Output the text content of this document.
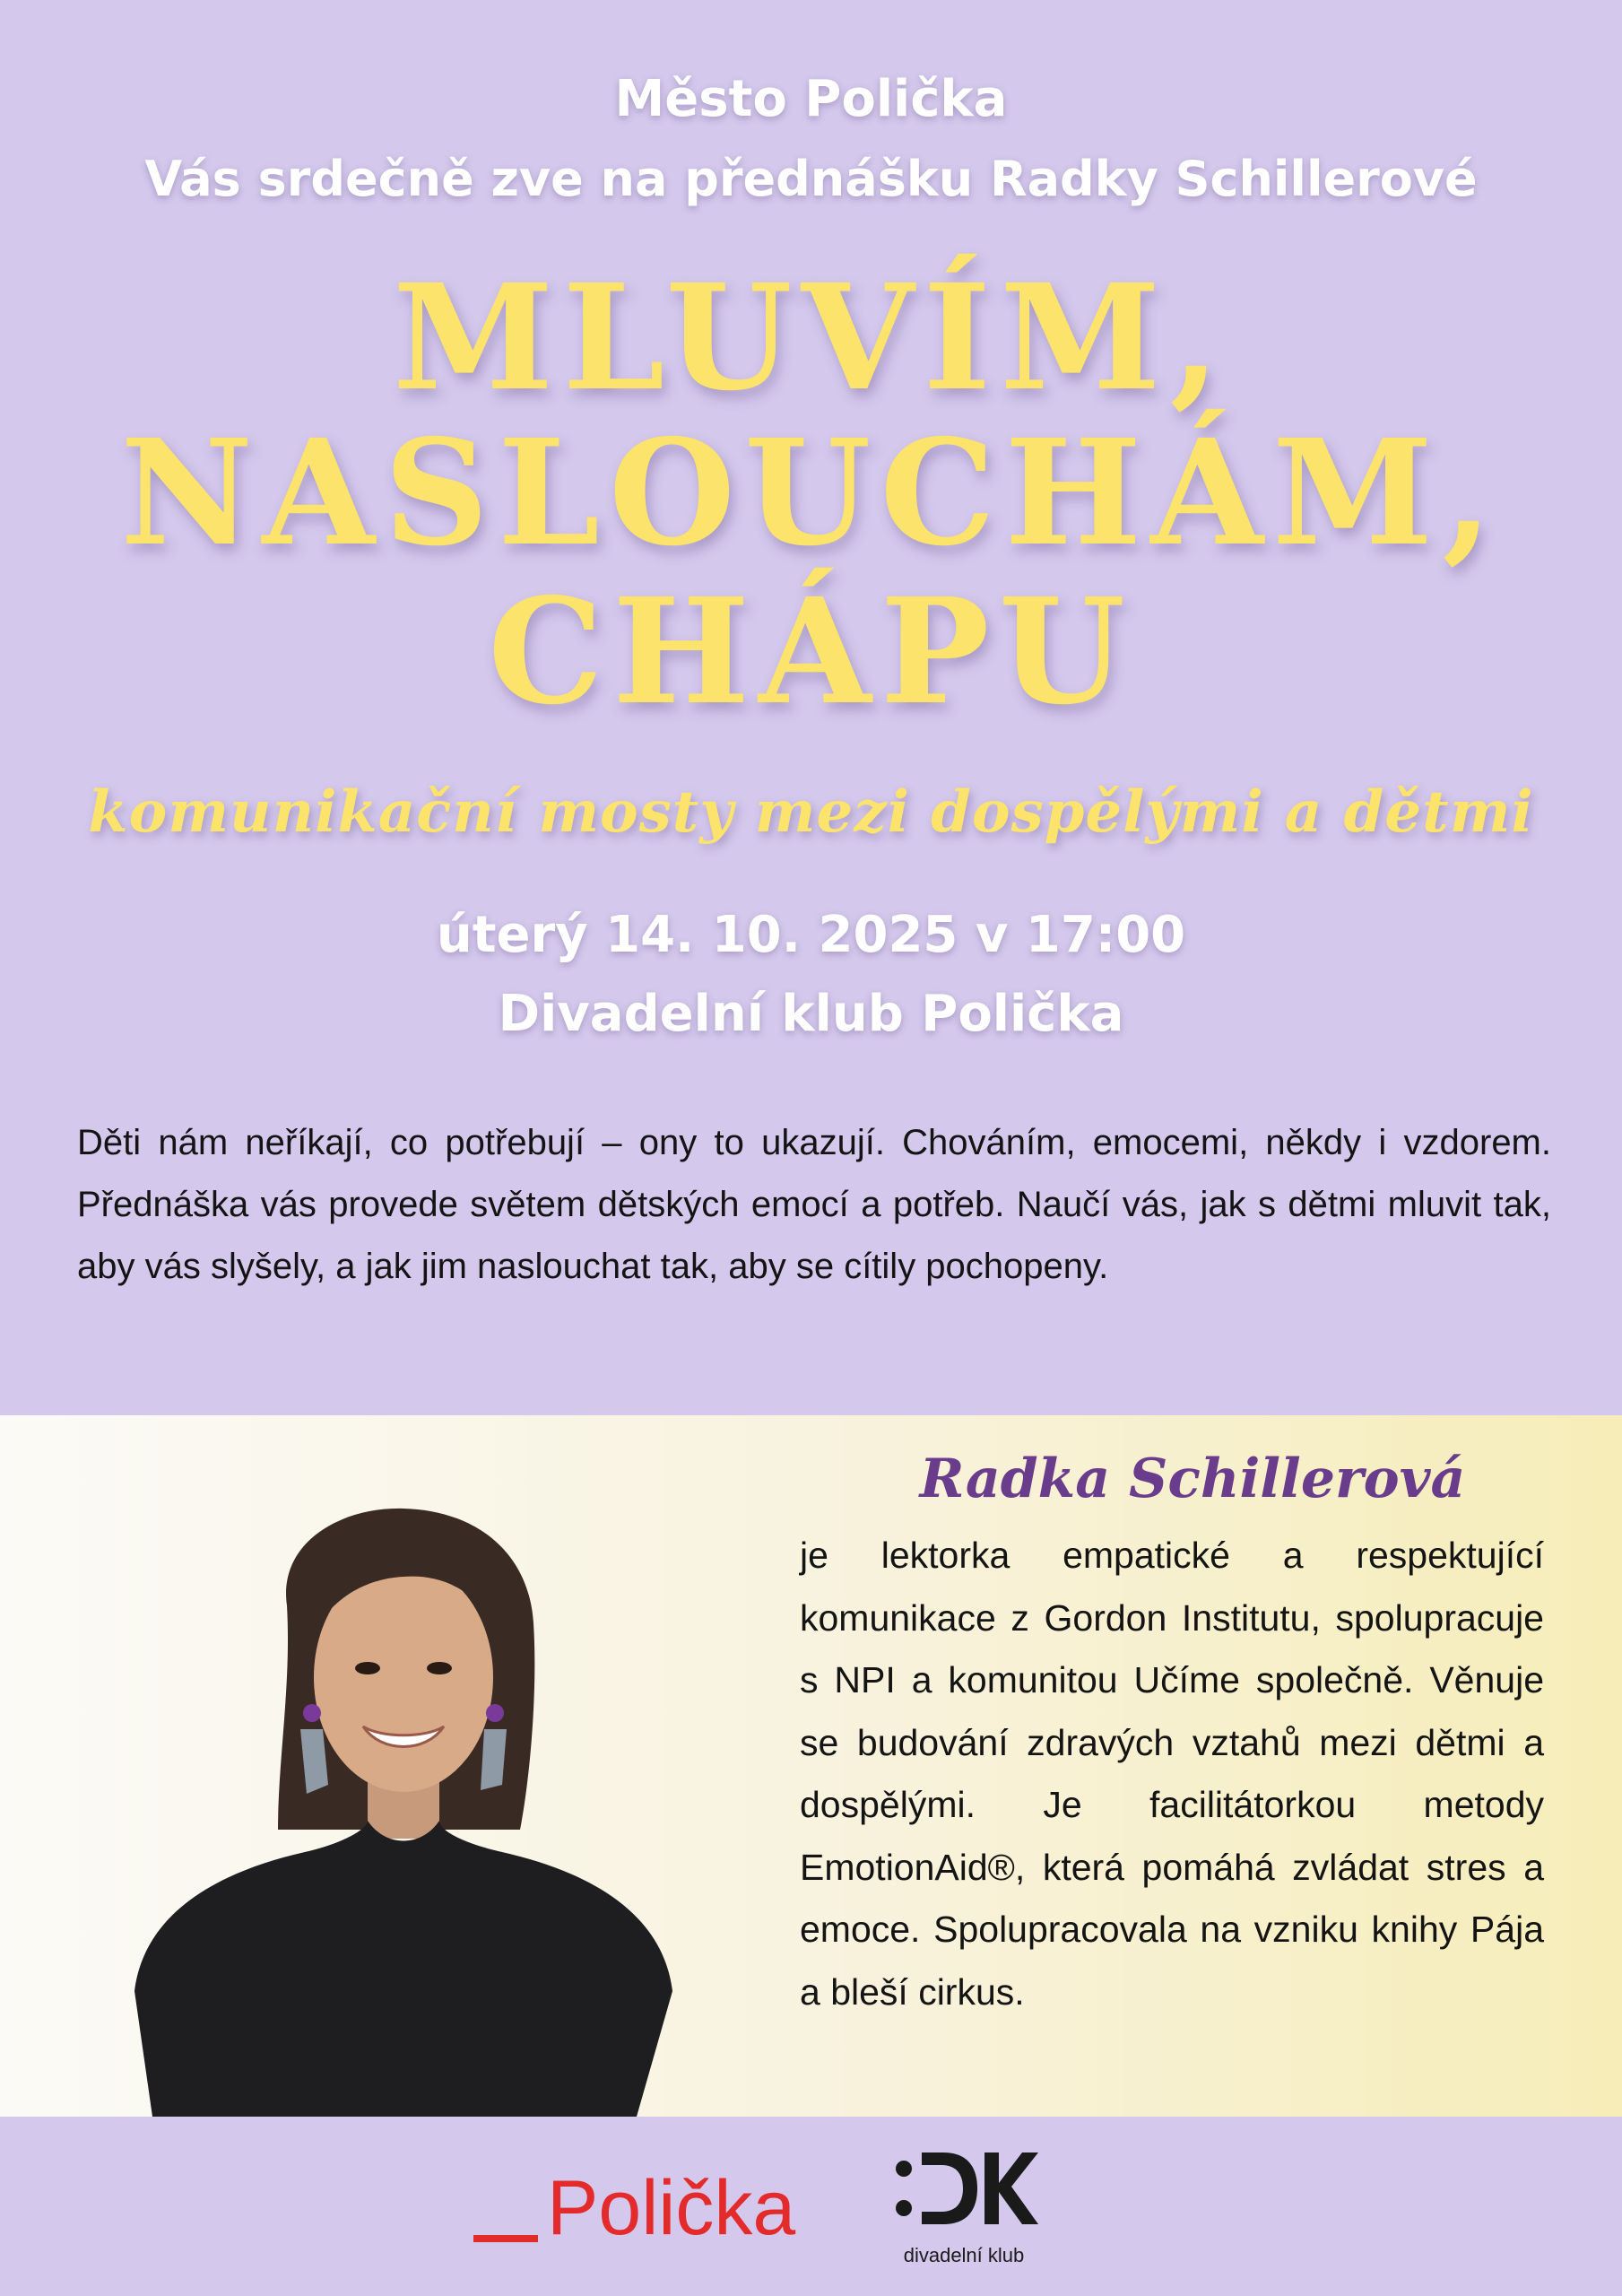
Město Polička
Vás srdečně zve na přednášku Radky Schillerové
MLUVÍM,
NASLOUCHÁM,
CHÁPU
komunikační mosty mezi dospělými a dětmi
úterý 14. 10. 2025 v 17:00
Divadelní klub Polička
Děti nám neříkají, co potřebují – ony to ukazují. Chováním, emocemi, někdy i vzdorem. Přednáška vás provede světem dětských emocí a potřeb. Naučí vás, jak s dětmi mluvit tak, aby vás slyšely, a jak jim naslouchat tak, aby se cítily pochopeny.
Radka Schillerová
je lektorka empatické a respektující komunikace z Gordon Institutu, spolupracuje s NPI a komunitou Učíme společně. Věnuje se budování zdravých vztahů mezi dětmi a dospělými. Je facilitátorkou metody EmotionAid®, která pomáhá zvládat stres a emoce. Spolupracovala na vzniku knihy Pája a bleší cirkus.
Polička
divadelní klub
